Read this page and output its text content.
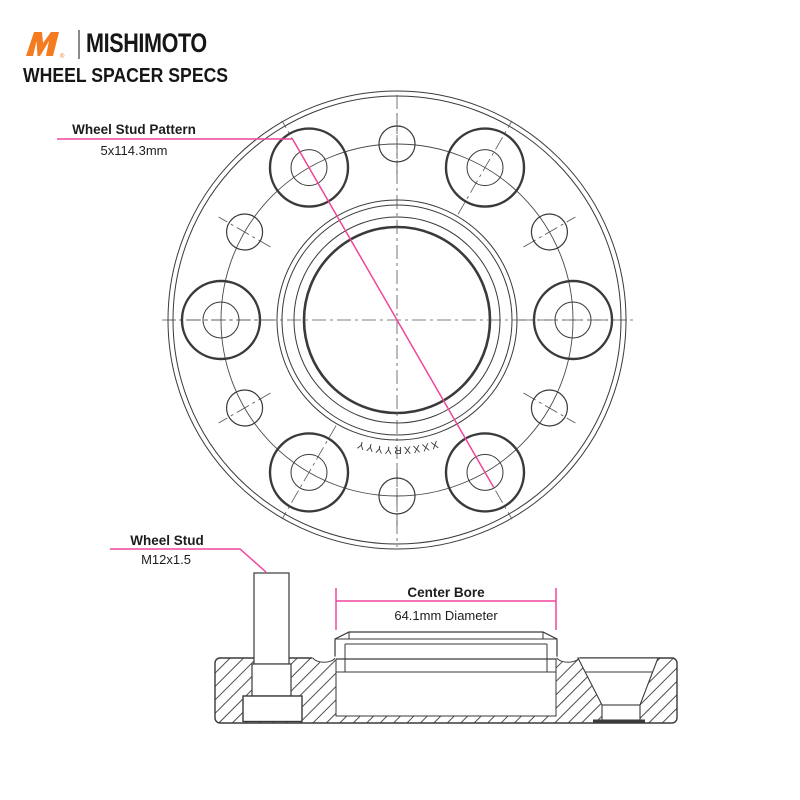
® MISHIMOTO
WHEEL SPACER SPECS
XXXXRYYYY
Wheel Stud Pattern
5x114.3mm
Wheel Stud
M12x1.5
Center Bore
64.1mm Diameter
